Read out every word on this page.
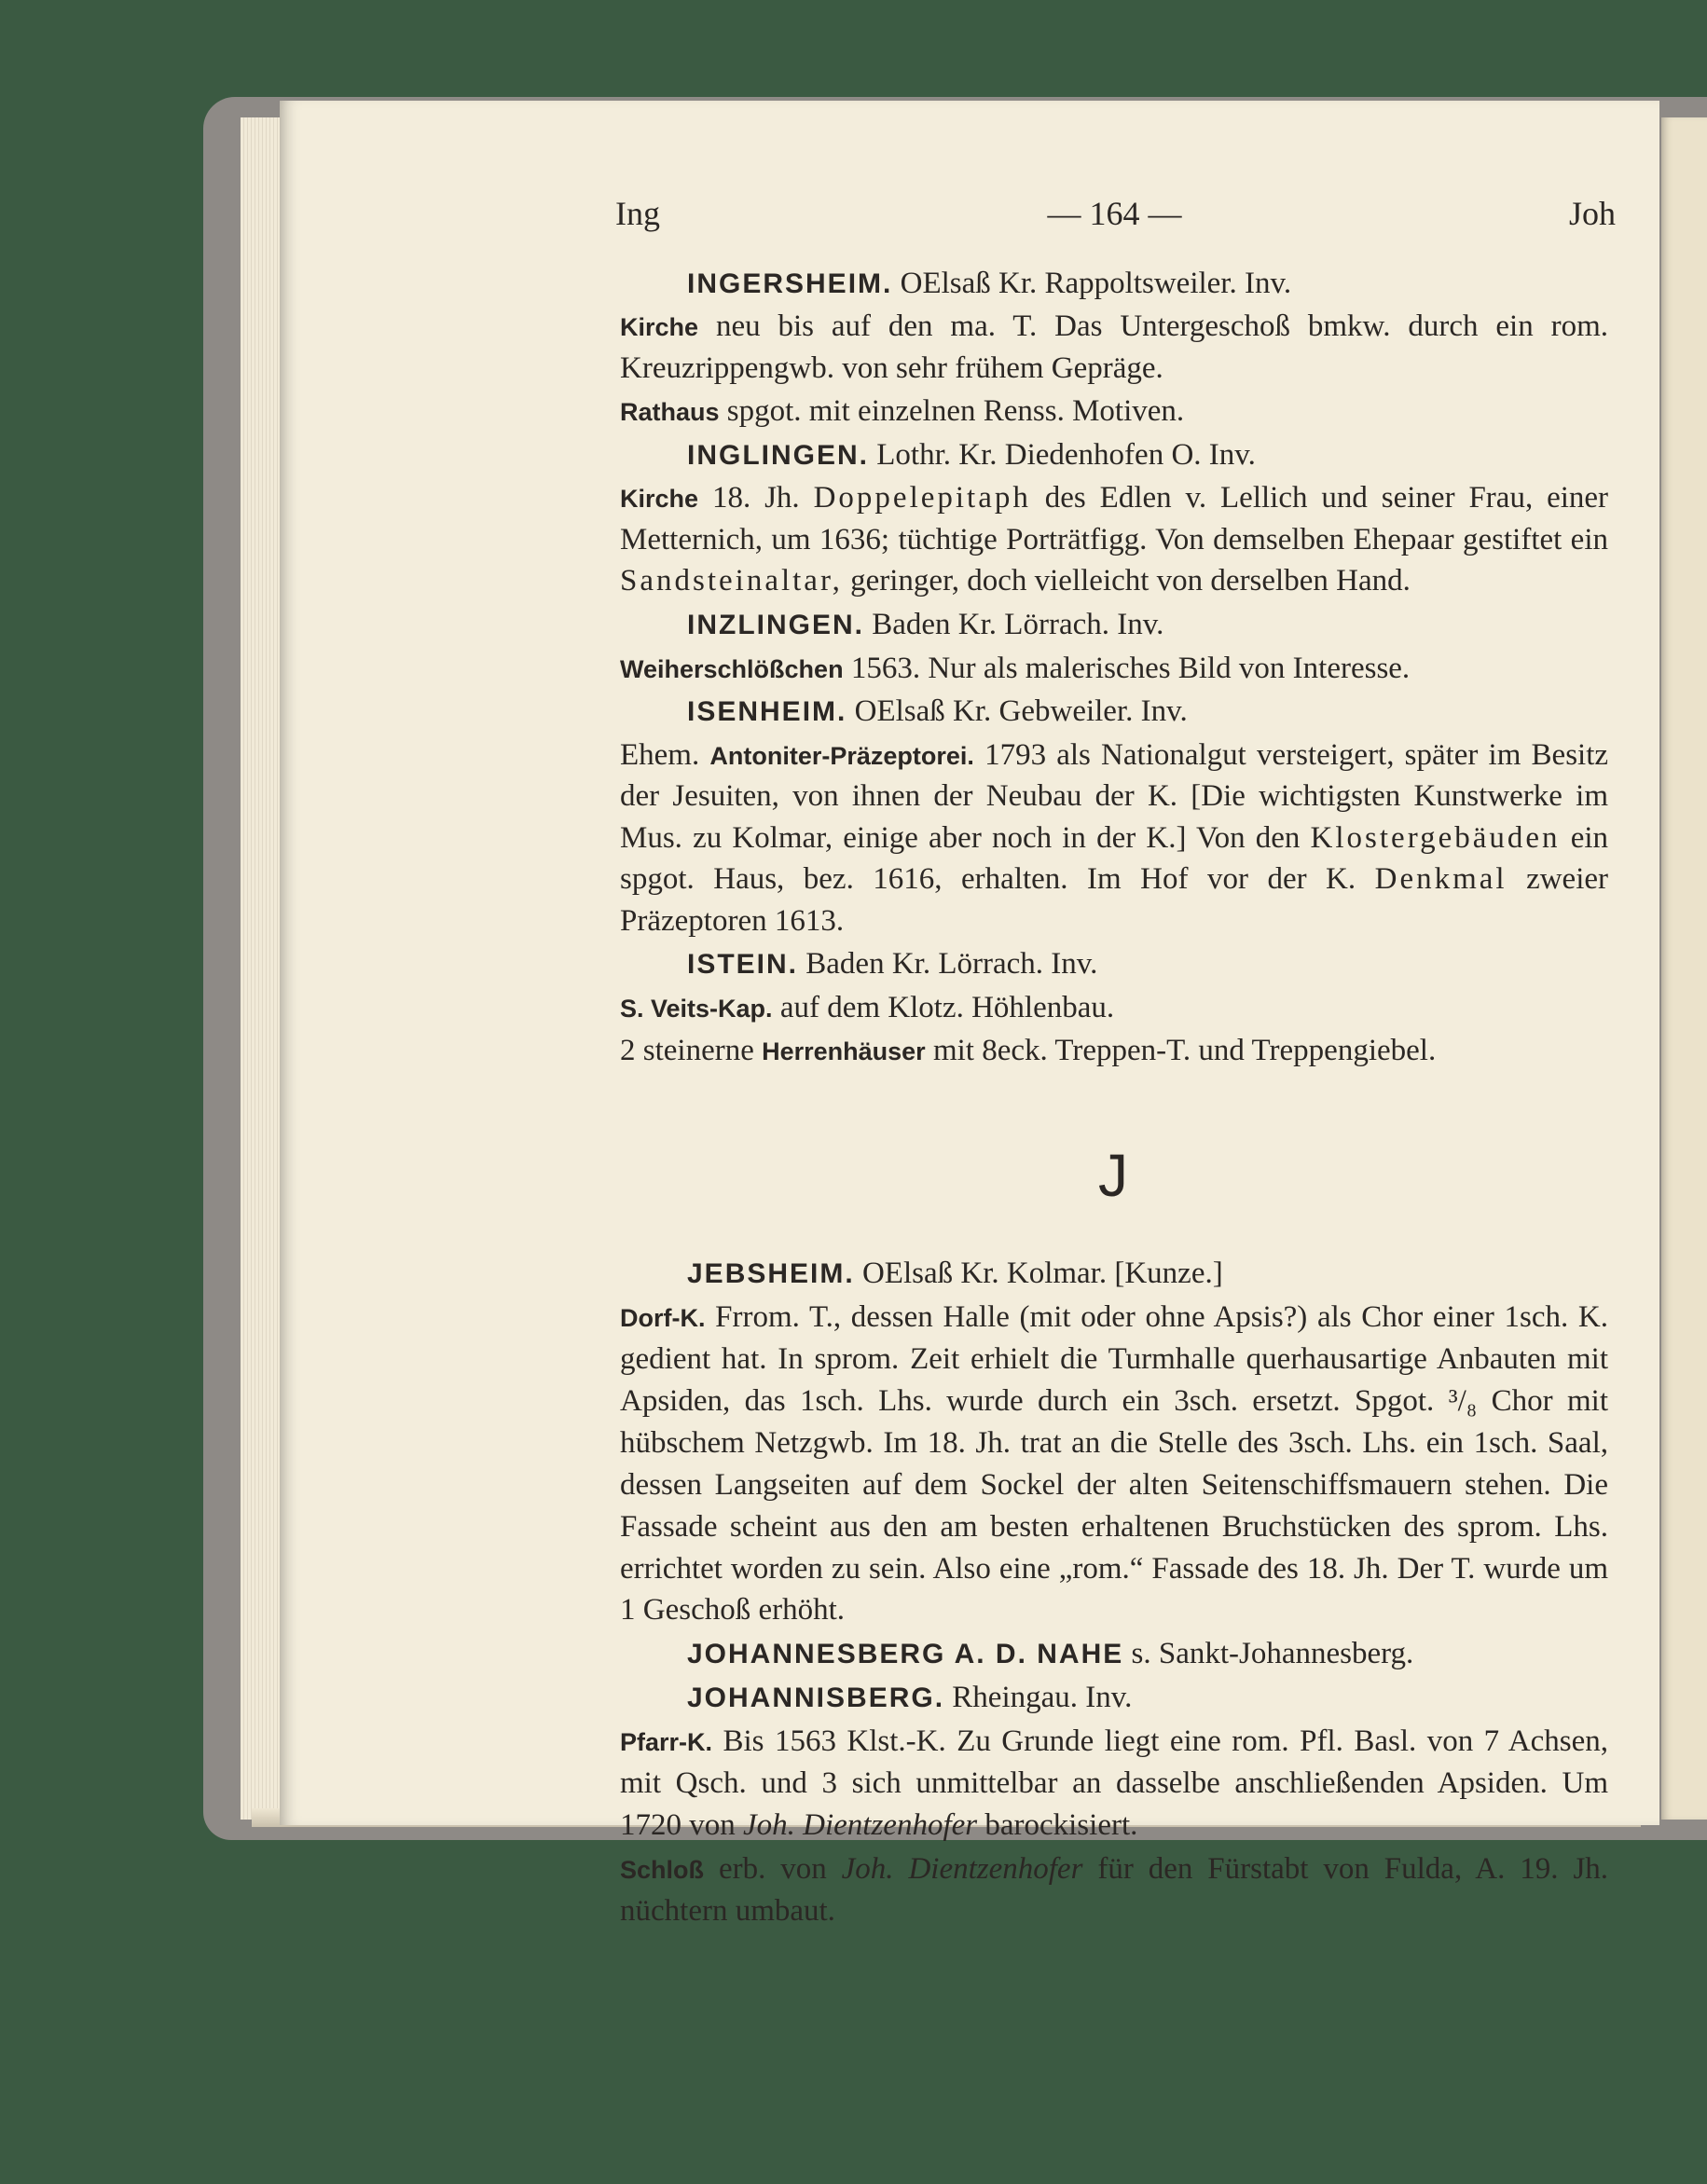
Ing	— 164 —	Joh

INGERSHEIM. OElsaß Kr. Rappoltsweiler. Inv.

Kirche neu bis auf den ma. T. Das Untergeschoß bmkw. durch ein rom. Kreuzrippengwb. von sehr frühem Gepräge.

Rathaus spgot. mit einzelnen Renss. Motiven.

INGLINGEN. Lothr. Kr. Diedenhofen O. Inv.

Kirche 18. Jh. Doppelepitaph des Edlen v. Lellich und seiner Frau, einer Metternich, um 1636; tüchtige Porträtfigg. Von demselben Ehepaar gestiftet ein Sandsteinaltar, geringer, doch vielleicht von derselben Hand.

INZLINGEN. Baden Kr. Lörrach. Inv.

Weiherschlößchen 1563. Nur als malerisches Bild von Interesse.

ISENHEIM. OElsaß Kr. Gebweiler. Inv.

Ehem. Antoniter-Präzeptorei. 1793 als Nationalgut versteigert, später im Besitz der Jesuiten, von ihnen der Neubau der K. [Die wichtigsten Kunstwerke im Mus. zu Kolmar, einige aber noch in der K.] Von den Klostergebäuden ein spgot. Haus, bez. 1616, erhalten. Im Hof vor der K. Denkmal zweier Präzeptoren 1613.

ISTEIN. Baden Kr. Lörrach. Inv.

S. Veits-Kap. auf dem Klotz. Höhlenbau.

2 steinerne Herrenhäuser mit 8eck. Treppen-T. und Treppengiebel.

J

JEBSHEIM. OElsaß Kr. Kolmar. [Kunze.]

Dorf-K. Frrom. T., dessen Halle (mit oder ohne Apsis?) als Chor einer 1sch. K. gedient hat. In sprom. Zeit erhielt die Turmhalle querhausartige Anbauten mit Apsiden, das 1sch. Lhs. wurde durch ein 3sch. ersetzt. Spgot. ³/₈ Chor mit hübschem Netzgwb. Im 18. Jh. trat an die Stelle des 3sch. Lhs. ein 1sch. Saal, dessen Langseiten auf dem Sockel der alten Seitenschiffsmauern stehen. Die Fassade scheint aus den am besten erhaltenen Bruchstücken des sprom. Lhs. errichtet worden zu sein. Also eine „rom.“ Fassade des 18. Jh. Der T. wurde um 1 Geschoß erhöht.

JOHANNESBERG A. D. NAHE s. Sankt-Johannesberg.

JOHANNISBERG. Rheingau. Inv.

Pfarr-K. Bis 1563 Klst.-K. Zu Grunde liegt eine rom. Pfl. Basl. von 7 Achsen, mit Qsch. und 3 sich unmittelbar an dasselbe anschließenden Apsiden. Um 1720 von Joh. Dientzenhofer barockisiert.

Schloß erb. von Joh. Dientzenhofer für den Fürstabt von Fulda, A. 19. Jh. nüchtern umbaut.
